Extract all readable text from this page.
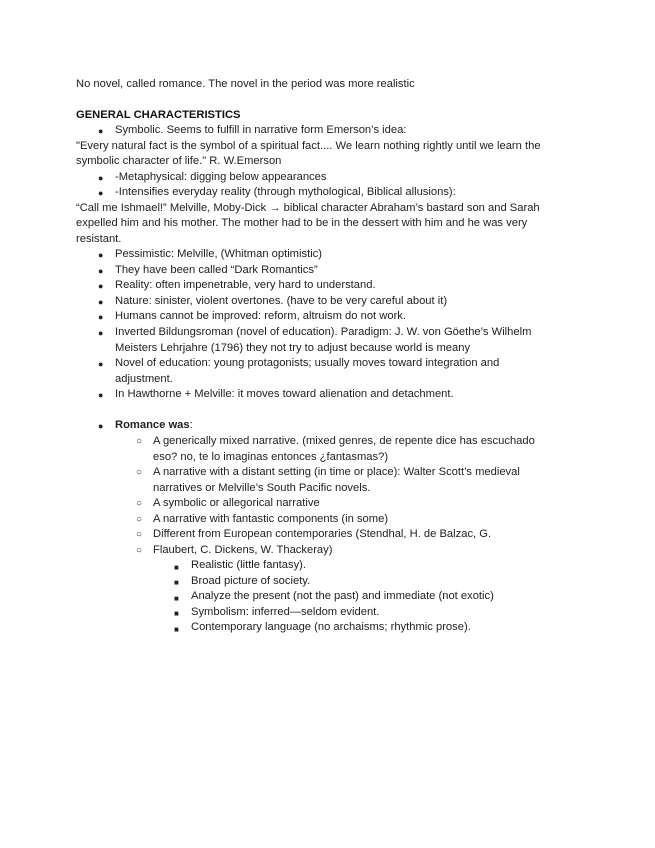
No novel, called romance. The novel in the period was more realistic
GENERAL CHARACTERISTICS
● Symbolic. Seems to fulfill in narrative form Emerson’s idea:
"Every natural fact is the symbol of a spiritual fact.... We learn nothing rightly until we learn the
symbolic character of life." R. W.Emerson
● -Metaphysical: digging below appearances
● -Intensifies everyday reality (through mythological, Biblical allusions):
“Call me Ishmael!” Melville, Moby-Dick → biblical character Abraham’s bastard son and Sarah
expelled him and his mother. The mother had to be in the dessert with him and he was very
resistant.
● Pessimistic: Melville, (Whitman optimistic)
● They have been called “Dark Romantics”
● Reality: often impenetrable, very hard to understand.
● Nature: sinister, violent overtones. (have to be very careful about it)
● Humans cannot be improved: reform, altruism do not work.
● Inverted Bildungsroman (novel of education). Paradigm: J. W. von Göethe’s Wilhelm
Meisters Lehrjahre (1796) they not try to adjust because world is meany
● Novel of education: young protagonists; usually moves toward integration and
adjustment.
● In Hawthorne + Melville: it moves toward alienation and detachment.
● Romance was:
○ A generically mixed narrative. (mixed genres, de repente dice has escuchado
eso? no, te lo imaginas entonces ¿fantasmas?)
○ A narrative with a distant setting (in time or place): Walter Scott’s medieval
narratives or Melville’s South Pacific novels.
○ A symbolic or allegorical narrative
○ A narrative with fantastic components (in some)
○ Different from European contemporaries (Stendhal, H. de Balzac, G.
○ Flaubert, C. Dickens, W. Thackeray)
■ Realistic (little fantasy).
■ Broad picture of society.
■ Analyze the present (not the past) and immediate (not exotic)
■ Symbolism: inferred—seldom evident.
■ Contemporary language (no archaisms; rhythmic prose).
